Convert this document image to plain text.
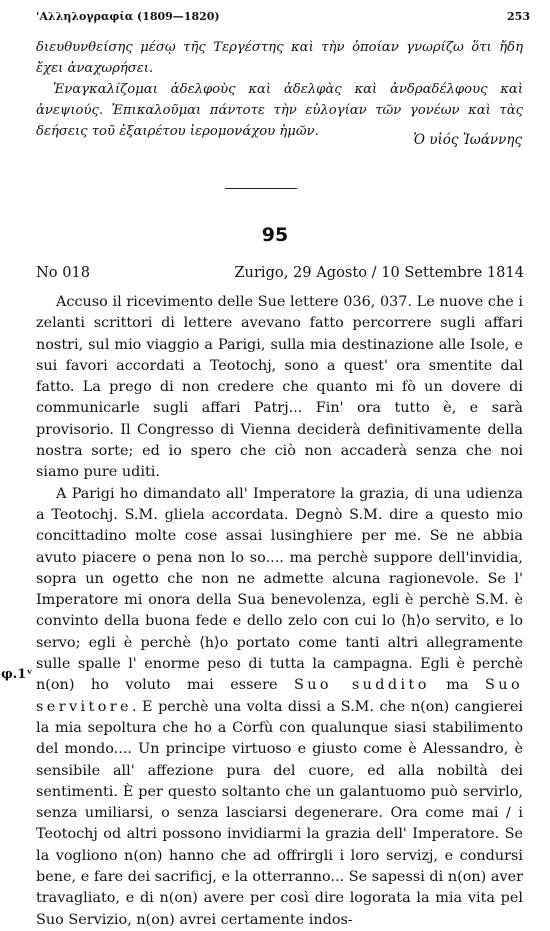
'Αλληλογραφία (1809—1820)	253

διευθυνθείσης μέσῳ τῆς Τεργέστης καὶ τὴν ὁποίαν γνωρίζω ὅτι ἤδη ἔχει ἀναχωρήσει.

Ἐναγκαλίζομαι ἀδελφοὺς καὶ ἀδελφὰς καὶ ἀνδραδέλφους καὶ ἀνεψιούς. Ἐπικαλοῦμαι πάντοτε τὴν εὐλογίαν τῶν γονέων καὶ τὰς δεήσεις τοῦ ἐξαιρέτου ἱερομονάχου ἡμῶν.

Ὁ υἱός Ἰωάννης
95
No 018	Zurigo, 29 Agosto / 10 Settembre 1814

Accuso il ricevimento delle Sue lettere 036, 037. Le nuove che i zelanti scrittori di lettere avevano fatto percorrere sugli affari nostri, sul mio viaggio a Parigi, sulla mia destinazione alle Isole, e sui favori accordati a Teotochj, sono a quest' ora smentite dal fatto. La prego di non credere che quanto mi fò un dovere di communicarle sugli affari Patrj... Fin' ora tutto è, e sarà provisorio. Il Congresso di Vienna deciderà definitivamente della nostra sorte; ed io spero che ciò non accaderà senza che noi siamo pure uditi.

A Parigi ho dimandato all' Imperatore la grazia, di una udienza a Teotochj. S.M. gliela accordata. Degnò S.M. dire a questo mio concittadino molte cose assai lusinghiere per me. Se ne abbia avuto piacere o pena non lo so.... ma perchè suppore dell'invidia, sopra un ogetto che non ne admette alcuna ragionevole. Se l' Imperatore mi onora della Sua benevolenza, egli è perchè S.M. è convinto della buona fede e dello zelo con cui lo ⟨h⟩o servito, e lo servo; egli è perchè ⟨h⟩o portato come tanti altri allegramente sulle spalle l' enorme peso di tutta la campagna. Egli è perchè n(on) ho voluto mai essere Suo suddito ma Suo servitore. E perchè una volta dissi a S.M. che n(on) cangierei la mia sepoltura che ho a Corfù con qualunque siasi stabilimento del mondo.... Un principe virtuoso e giusto come è Alessandro, è sensibile all' affezione pura del cuore, ed alla nobiltà dei sentimenti. È per questo soltanto che un galantuomo può servirlo, senza umiliarsi, o senza lasciarsi degenerare. Ora come mai / i Teotochj od altri possono invidiarmi la grazia dell' Imperatore. Se la vogliono n(on) hanno che ad offrirgli i loro servizj, e condursi bene, e fare dei sacrificj, e la otterranno... Se sapessi di n(on) aver travagliato, e di n(on) avere per così dire logorata la mia vita pel Suo Servizio, n(on) avrei certamente indos-

φ.1ᵛ
